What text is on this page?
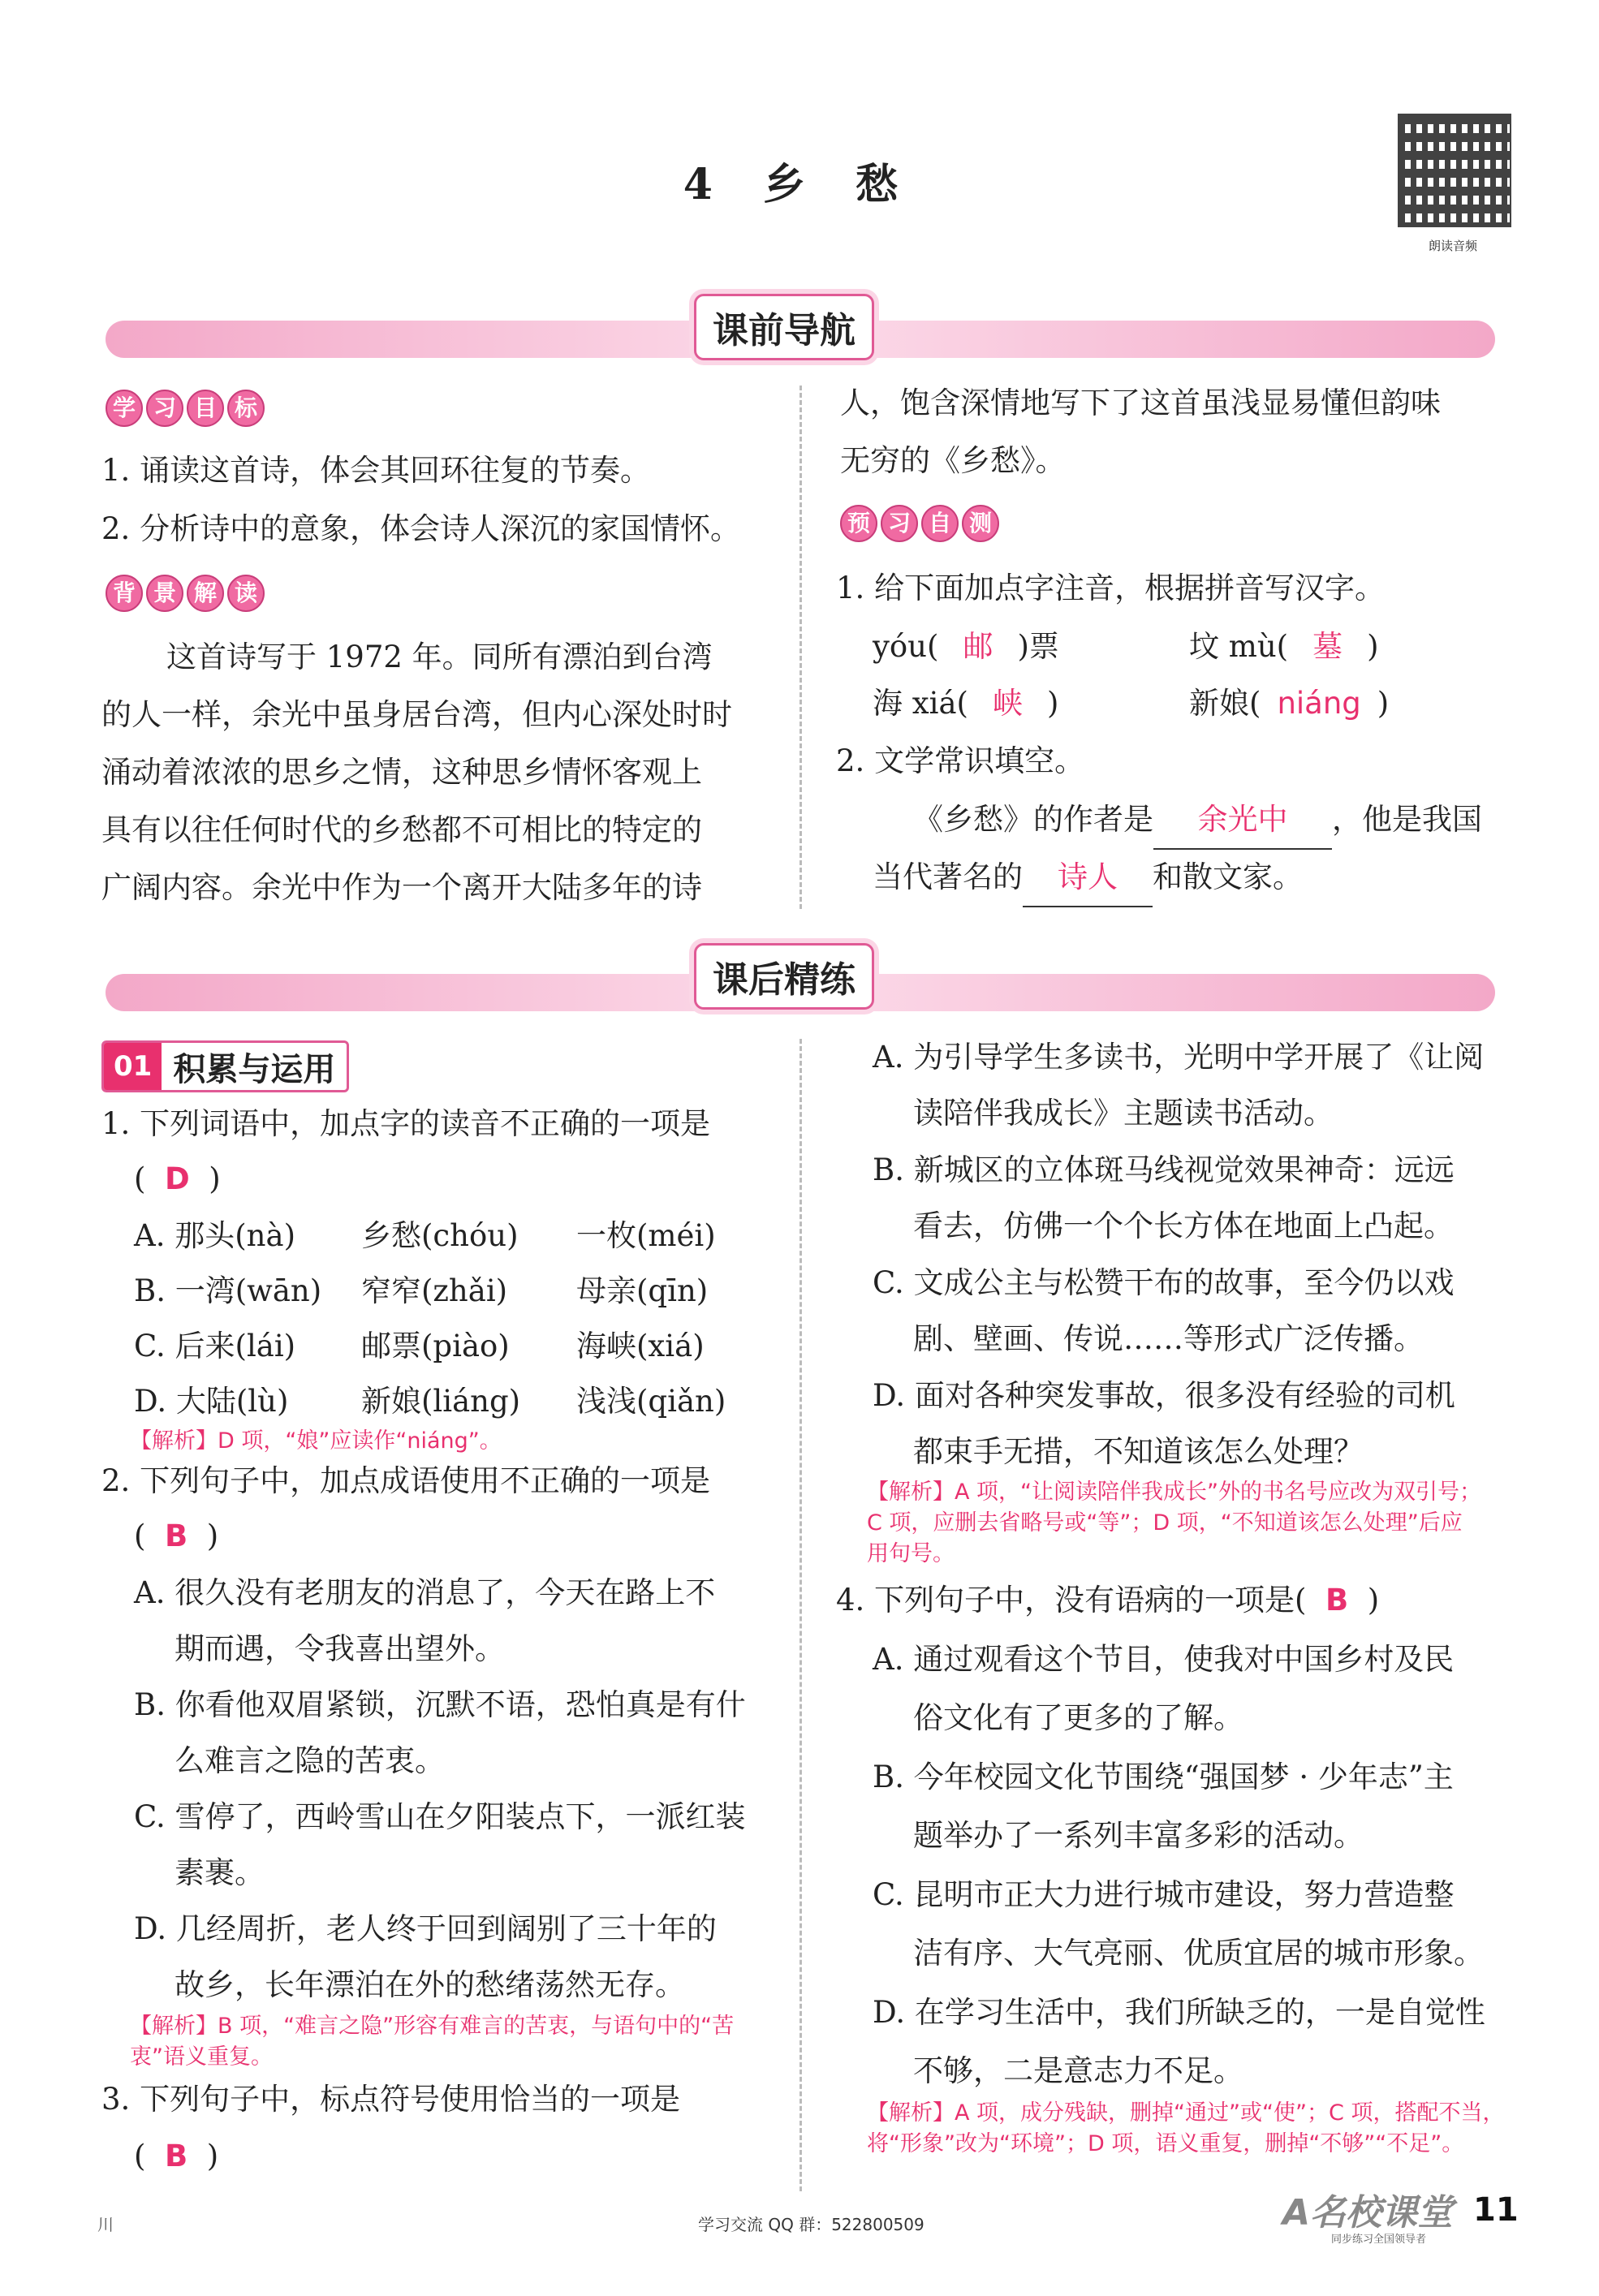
4 乡 愁
朗读音频
课前导航
学 习 目 标
1. 诵读这首诗，体会其回环往复的节奏。
2. 分析诗中的意象，体会诗人深沉的家国情怀。
背 景 解 读
这首诗写于 1972 年。同所有漂泊到台湾
的人一样，余光中虽身居台湾，但内心深处时时
涌动着浓浓的思乡之情，这种思乡情怀客观上
具有以往任何时代的乡愁都不可相比的特定的
广阔内容。余光中作为一个离开大陆多年的诗
人，饱含深情地写下了这首虽浅显易懂但韵味
无穷的《乡愁》。
预 习 自 测
1. 给下面加点字注音，根据拼音写汉字。
yóu( 邮 )票	坟 mù( 墓 )
海 xiá( 峡 )	新娘( niáng )
2. 文学常识填空。
《乡愁》的作者是 余光中 ，他是我国
当代著名的 诗人 和散文家。
课后精练
01 积累与运用
1. 下列词语中，加点字的读音不正确的一项是
(  D  )
A. 那头(nà) 乡愁(chóu) 一枚(méi)
B. 一湾(wān) 窄窄(zhǎi) 母亲(qīn)
C. 后来(lái) 邮票(piào) 海峡(xiá)
D. 大陆(lù) 新娘(liáng) 浅浅(qiǎn)
【解析】D 项，“娘”应读作“niáng”。
2. 下列句子中，加点成语使用不正确的一项是
(  B  )
A. 很久没有老朋友的消息了，今天在路上不
期而遇，令我喜出望外。
B. 你看他双眉紧锁，沉默不语，恐怕真是有什
么难言之隐的苦衷。
C. 雪停了，西岭雪山在夕阳装点下，一派红装
素裹。
D. 几经周折，老人终于回到阔别了三十年的
故乡，长年漂泊在外的愁绪荡然无存。
【解析】B 项，“难言之隐”形容有难言的苦衷，与语句中的“苦
衷”语义重复。
3. 下列句子中，标点符号使用恰当的一项是
(  B  )
A. 为引导学生多读书，光明中学开展了《让阅
读陪伴我成长》主题读书活动。
B. 新城区的立体斑马线视觉效果神奇：远远
看去，仿佛一个个长方体在地面上凸起。
C. 文成公主与松赞干布的故事，至今仍以戏
剧、壁画、传说……等形式广泛传播。
D. 面对各种突发事故，很多没有经验的司机
都束手无措，不知道该怎么处理？
【解析】A 项，“让阅读陪伴我成长”外的书名号应改为双引号；
C 项，应删去省略号或“等”；D 项，“不知道该怎么处理”后应
用句号。
4. 下列句子中，没有语病的一项是( B  )
A. 通过观看这个节目，使我对中国乡村及民
俗文化有了更多的了解。
B. 今年校园文化节围绕“强国梦 · 少年志”主
题举办了一系列丰富多彩的活动。
C. 昆明市正大力进行城市建设，努力营造整
洁有序、大气亮丽、优质宜居的城市形象。
D. 在学习生活中，我们所缺乏的，一是自觉性
不够，二是意志力不足。
【解析】A 项，成分残缺，删掉“通过”或“使”；C 项，搭配不当，
将“形象”改为“环境”；D 项，语义重复，删掉“不够”“不足”。
川	学习交流 QQ 群：522800509	A名校课堂
同步练习全国领导者
11
